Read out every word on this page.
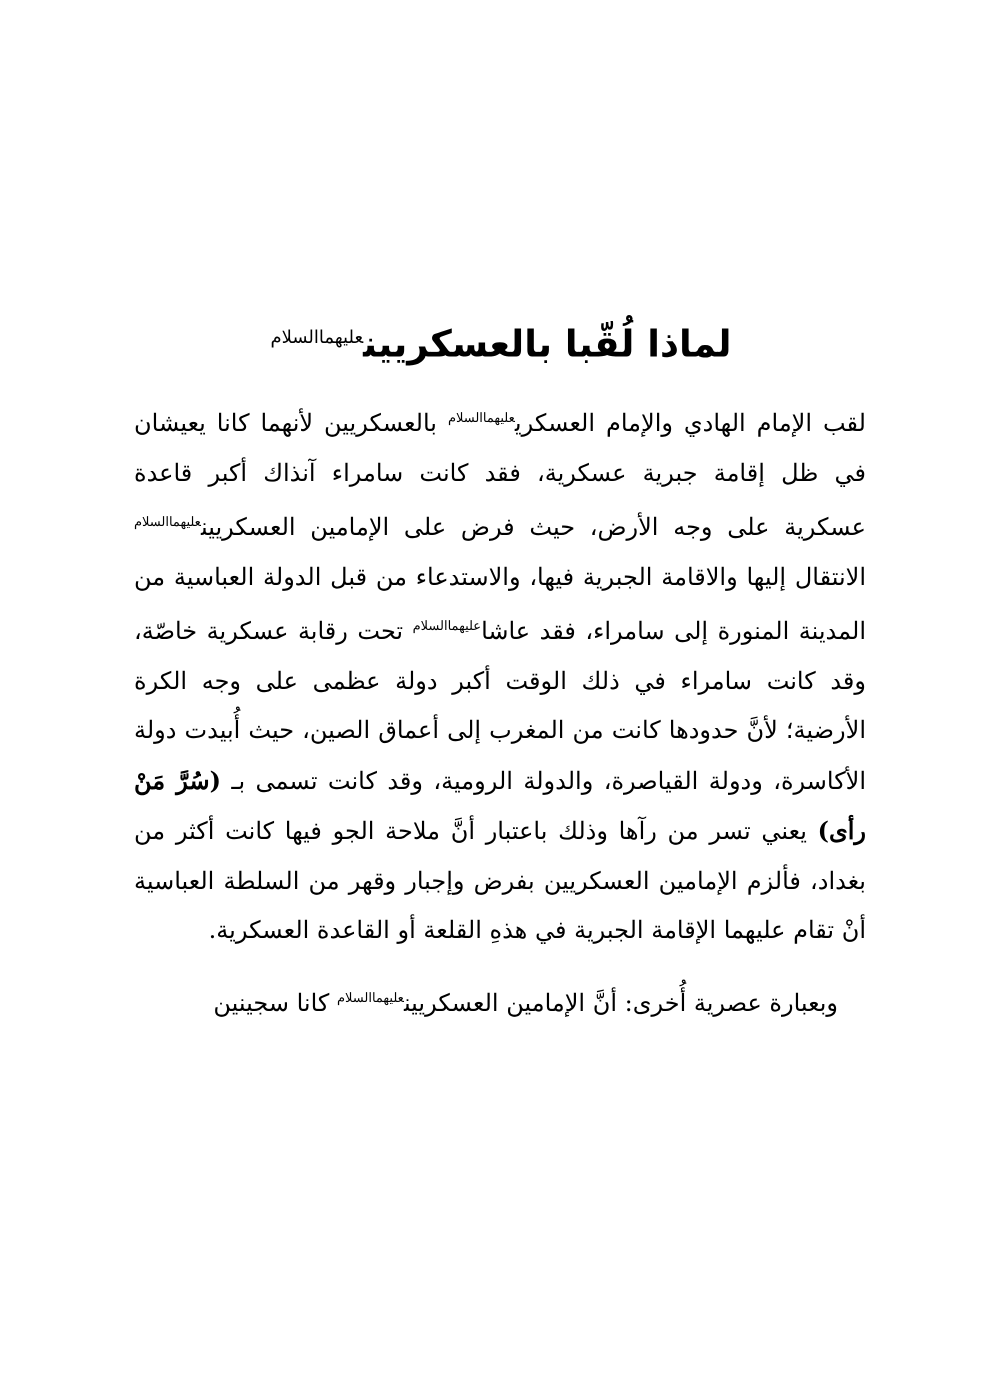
لماذا لُقّبا بالعسكريين$^{عليهماالسلام}$

لقب الإمام الهادي والإمام العسكري$^{عليهماالسلام}$ بالعسكريين لأنهما كانا يعيشان في ظل إقامة جبرية عسكرية، فقد كانت سامراء آنذاك أكبر قاعدة عسكرية على وجه الأرض، حيث فرض على الإمامين العسكريين$^{عليهماالسلام}$ الانتقال إليها والاقامة الجبرية فيها، والاستدعاء من قبل الدولة العباسية من المدينة المنورة إلى سامراء، فقد عاشا$^{عليهماالسلام}$ تحت رقابة عسكرية خاصّة، وقد كانت سامراء في ذلك الوقت أكبر دولة عظمى على وجه الكرة الأرضية؛ لأنَّ حدودها كانت من المغرب إلى أعماق الصين، حيث أُبيدت دولة الأكاسرة، ودولة القياصرة، والدولة الرومية، وقد كانت تسمى بـ (سُرَّ مَنْ رأى) يعني تسر من رآها وذلك باعتبار أنَّ ملاحة الجو فيها كانت أكثر من بغداد، فألزم الإمامين العسكريين بفرض وإجبار وقهر من السلطة العباسية أنْ تقام عليهما الإقامة الجبرية في هذهِ القلعة أو القاعدة العسكرية.

وبعبارة عصرية أُخرى: أنَّ الإمامين العسكريين$^{عليهماالسلام}$ كانا سجينين
